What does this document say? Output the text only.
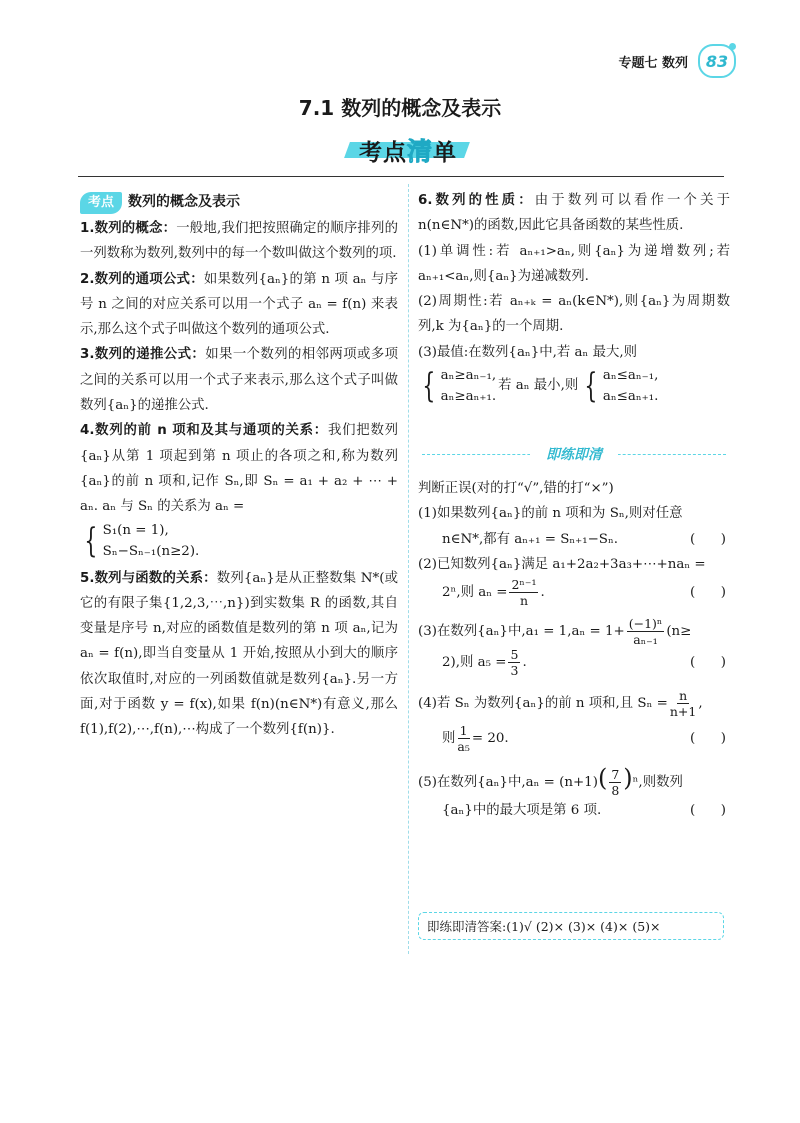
专题七 数列 83
7.1 数列的概念及表示
考点清单

考点 数列的概念及表示

1.数列的概念：一般地,我们把按照确定的顺序排列的一列数称为数列,数列中的每一个数叫做这个数列的项.

2.数列的通项公式：如果数列{aₙ}的第 n 项 aₙ 与序号 n 之间的对应关系可以用一个式子 aₙ = f(n) 来表示,那么这个式子叫做这个数列的通项公式.

3.数列的递推公式：如果一个数列的相邻两项或多项之间的关系可以用一个式子来表示,那么这个式子叫做数列{aₙ}的递推公式.

4.数列的前 n 项和及其与通项的关系：我们把数列{aₙ}从第 1 项起到第 n 项止的各项之和,称为数列{aₙ}的前 n 项和,记作 Sₙ,即 Sₙ = a₁ + a₂ + ⋯ + aₙ. aₙ 与 Sₙ 的关系为 aₙ =

{ S₁(n = 1),
Sₙ−Sₙ₋₁(n≥2).

5.数列与函数的关系：数列{aₙ}是从正整数集 N*(或它的有限子集{1,2,3,⋯,n})到实数集 R 的函数,其自变量是序号 n,对应的函数值是数列的第 n 项 aₙ,记为 aₙ = f(n),即当自变量从 1 开始,按照从小到大的顺序依次取值时,对应的一列函数值就是数列{aₙ}.另一方面,对于函数 y = f(x),如果 f(n)(n∈N*)有意义,那么 f(1),f(2),⋯,f(n),⋯构成了一个数列{f(n)}.

6.数列的性质：由于数列可以看作一个关于 n(n∈N*)的函数,因此它具备函数的某些性质.

(1)单调性:若 aₙ₊₁>aₙ,则{aₙ}为递增数列;若 aₙ₊₁<aₙ,则{aₙ}为递减数列.

(2)周期性:若 aₙ₊ₖ = aₙ(k∈N*),则{aₙ}为周期数列,k 为{aₙ}的一个周期.

(3)最值:在数列{aₙ}中,若 aₙ 最大,则

{ aₙ≥aₙ₋₁,
aₙ≥aₙ₊₁.
若 aₙ 最小,则 { aₙ≤aₙ₋₁,
aₙ≤aₙ₊₁.

即练即清

判断正误(对的打“√”,错的打“×”)

(1)如果数列{aₙ}的前 n 项和为 Sₙ,则对任意

n∈N*,都有 aₙ₊₁ = Sₙ₊₁−Sₙ.	(      )

(2)已知数列{aₙ}满足 a₁+2a₂+3a₃+⋯+naₙ =

2ⁿ,则 $a_n = \frac{\text{2ⁿ⁻¹}}{n}$ .	(      )

(3)在数列{aₙ}中$,a_1 = 1,a_n = 1+ \frac{\text{(−1)ⁿ}}{\text{aₙ₋₁}} (n\ge$

2),则 $a_5 = \frac{5}{3}$ .	(      )

(4)若 Sₙ 为数列{aₙ}的前 n 项和,且 $S_n = \frac{n}{n+1}$ ,

则 $\frac{1}{\text{a₅}} = 20$.	(      )

(5)在数列{aₙ}中$,a_n = (n+1)( \frac{7}{8} )^n$,则数列

{aₙ}中的最大项是第 6 项.	(      )

即练即清答案:(1)√ (2)× (3)× (4)× (5)×
